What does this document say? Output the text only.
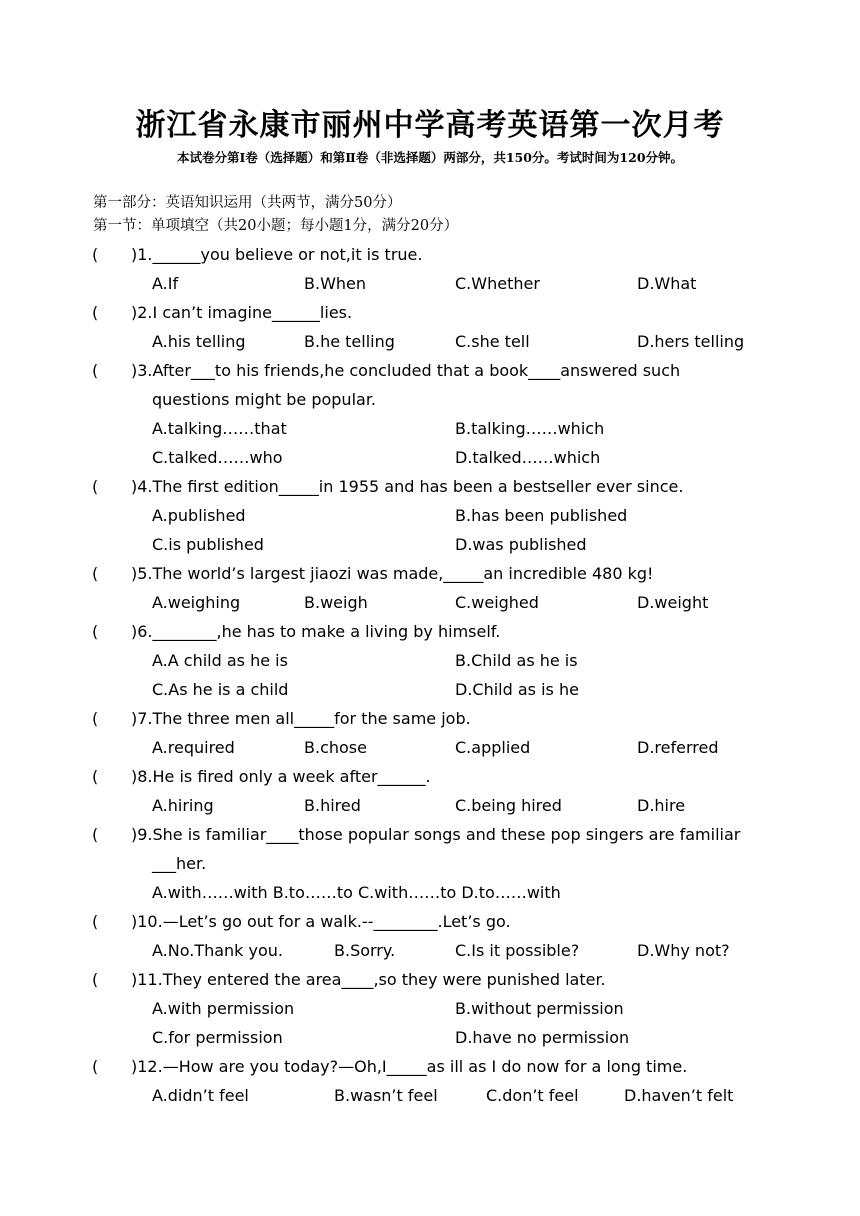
浙江省永康市丽州中学高考英语第一次月考
本试卷分第Ⅰ卷（选择题）和第Ⅱ卷（非选择题）两部分，共150分。考试时间为120分钟。
第一部分：英语知识运用（共两节，满分50分）
第一节：单项填空（共20小题；每小题1分，满分20分）
( )1.______you believe or not,it is true.
A.If	B.When	C.Whether	D.What
( )2.I can’t imagine______lies.
A.his telling	B.he telling	C.she tell	D.hers telling
( )3.After___to his friends,he concluded that a book____answered such
questions might be popular.
A.talking……that	B.talking……which
C.talked……who	D.talked……which
( )4.The first edition_____in 1955 and has been a bestseller ever since.
A.published	B.has been published
C.is published	D.was published
( )5.The world’s largest jiaozi was made,_____an incredible 480 kg!
A.weighing	B.weigh	C.weighed	D.weight
( )6.________,he has to make a living by himself.
A.A child as he is	B.Child as he is
C.As he is a child	D.Child as is he
( )7.The three men all_____for the same job.
A.required	B.chose	C.applied	D.referred
( )8.He is fired only a week after______.
A.hiring	B.hired	C.being hired	D.hire
( )9.She is familiar____those popular songs and these pop singers are familiar
___her.
A.with……with B.to……to C.with……to D.to……with
( )10.—Let’s go out for a walk.--________.Let’s go.
A.No.Thank you.	B.Sorry.	C.Is it possible?	D.Why not?
( )11.They entered the area____,so they were punished later.
A.with permission	B.without permission
C.for permission	D.have no permission
( )12.—How are you today?—Oh,I_____as ill as I do now for a long time.
A.didn’t feel	B.wasn’t feel	C.don’t feel	D.haven’t felt
